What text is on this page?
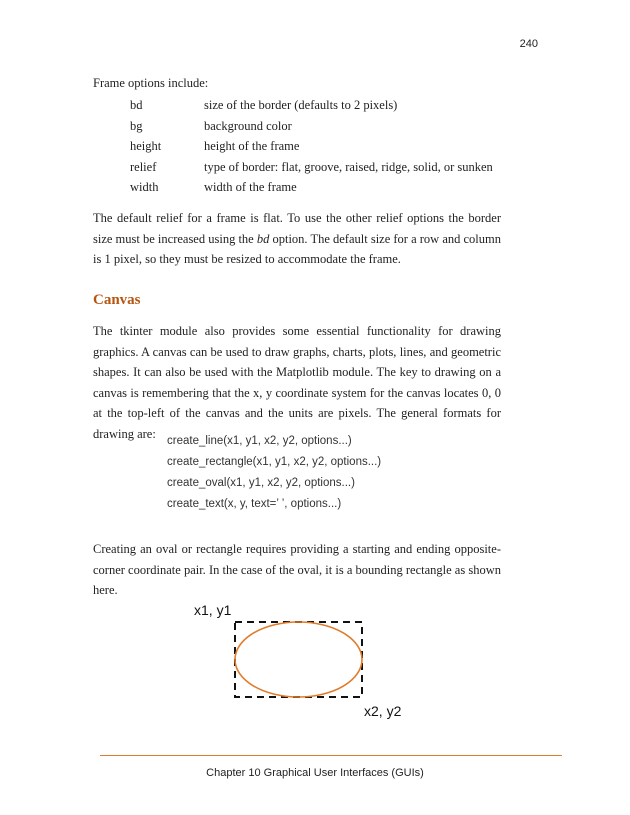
240
Frame options include:
bd	size of the border (defaults to 2 pixels)
bg	background color
height	height of the frame
relief	type of border: flat, groove, raised, ridge, solid, or sunken
width	width of the frame
The default relief for a frame is flat. To use the other relief options the border size must be increased using the bd option. The default size for a row and column is 1 pixel, so they must be resized to accommodate the frame.
Canvas
The tkinter module also provides some essential functionality for drawing graphics. A canvas can be used to draw graphs, charts, plots, lines, and geometric shapes. It can also be used with the Matplotlib module. The key to drawing on a canvas is remembering that the x, y coordinate system for the canvas locates 0, 0 at the top-left of the canvas and the units are pixels. The general formats for drawing are:
create_line(x1, y1, x2, y2, options...)
create_rectangle(x1, y1, x2, y2, options...)
create_oval(x1, y1, x2, y2, options...)
create_text(x, y, text=’ ’, options...)
Creating an oval or rectangle requires providing a starting and ending opposite-corner coordinate pair. In the case of the oval, it is a bounding rectangle as shown here.
x1, y1
x2, y2
Chapter 10 Graphical User Interfaces (GUIs)
